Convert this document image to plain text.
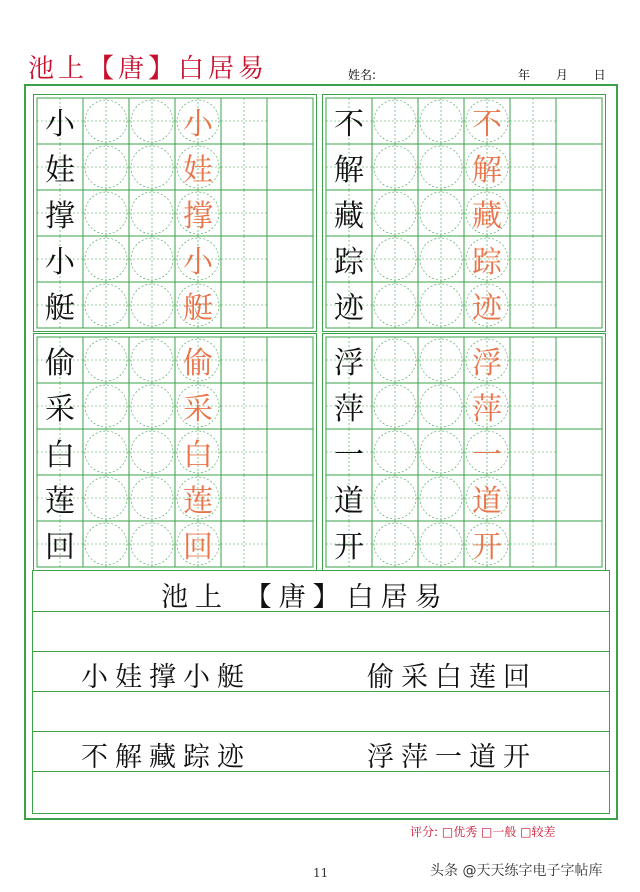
池上【唐】白居易	姓名:	年 月 日
小	小
娃	娃
撑	撑
小	小
艇	艇
不	不
解	解
藏	藏
踪	踪
迹	迹
偷	偷
采	采
白	白
莲	莲
回	回
浮	浮
萍	萍
一	一
道	道
开	开
池上 【唐】白居易
小娃撑小艇	偷采白莲回
不解藏踪迹	浮萍一道开
评分: □优秀 □一般 □较差
11	头条 @天天练字电子字帖库
